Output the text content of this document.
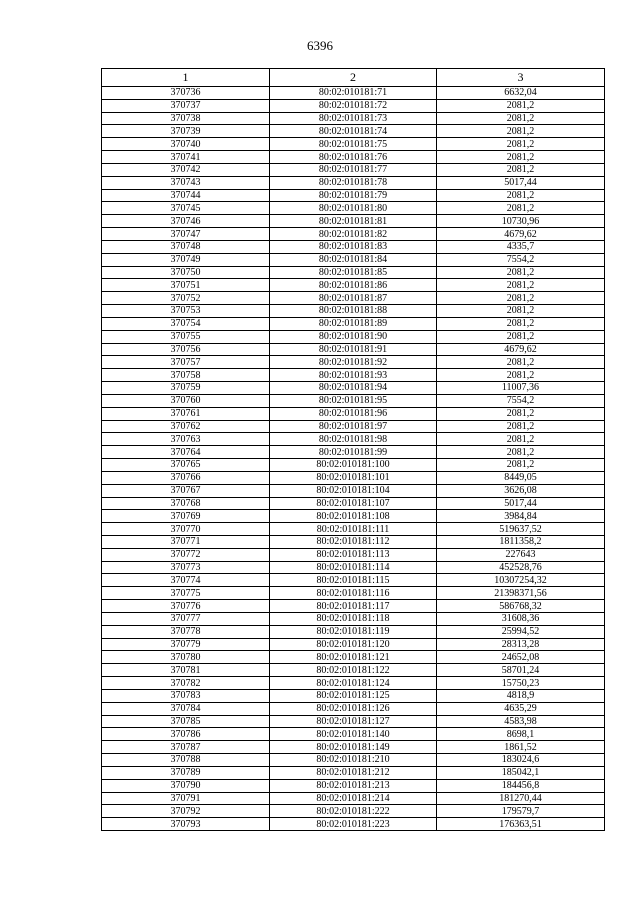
6396
1	2	3
370736	80:02:010181:71	6632,04
370737	80:02:010181:72	2081,2
370738	80:02:010181:73	2081,2
370739	80:02:010181:74	2081,2
370740	80:02:010181:75	2081,2
370741	80:02:010181:76	2081,2
370742	80:02:010181:77	2081,2
370743	80:02:010181:78	5017,44
370744	80:02:010181:79	2081,2
370745	80:02:010181:80	2081,2
370746	80:02:010181:81	10730,96
370747	80:02:010181:82	4679,62
370748	80:02:010181:83	4335,7
370749	80:02:010181:84	7554,2
370750	80:02:010181:85	2081,2
370751	80:02:010181:86	2081,2
370752	80:02:010181:87	2081,2
370753	80:02:010181:88	2081,2
370754	80:02:010181:89	2081,2
370755	80:02:010181:90	2081,2
370756	80:02:010181:91	4679,62
370757	80:02:010181:92	2081,2
370758	80:02:010181:93	2081,2
370759	80:02:010181:94	11007,36
370760	80:02:010181:95	7554,2
370761	80:02:010181:96	2081,2
370762	80:02:010181:97	2081,2
370763	80:02:010181:98	2081,2
370764	80:02:010181:99	2081,2
370765	80:02:010181:100	2081,2
370766	80:02:010181:101	8449,05
370767	80:02:010181:104	3626,08
370768	80:02:010181:107	5017,44
370769	80:02:010181:108	3984,84
370770	80:02:010181:111	519637,52
370771	80:02:010181:112	1811358,2
370772	80:02:010181:113	227643
370773	80:02:010181:114	452528,76
370774	80:02:010181:115	10307254,32
370775	80:02:010181:116	21398371,56
370776	80:02:010181:117	586768,32
370777	80:02:010181:118	31608,36
370778	80:02:010181:119	25994,52
370779	80:02:010181:120	28313,28
370780	80:02:010181:121	24652,08
370781	80:02:010181:122	58701,24
370782	80:02:010181:124	15750,23
370783	80:02:010181:125	4818,9
370784	80:02:010181:126	4635,29
370785	80:02:010181:127	4583,98
370786	80:02:010181:140	8698,1
370787	80:02:010181:149	1861,52
370788	80:02:010181:210	183024,6
370789	80:02:010181:212	185042,1
370790	80:02:010181:213	184456,8
370791	80:02:010181:214	181270,44
370792	80:02:010181:222	179579,7
370793	80:02:010181:223	176363,51
